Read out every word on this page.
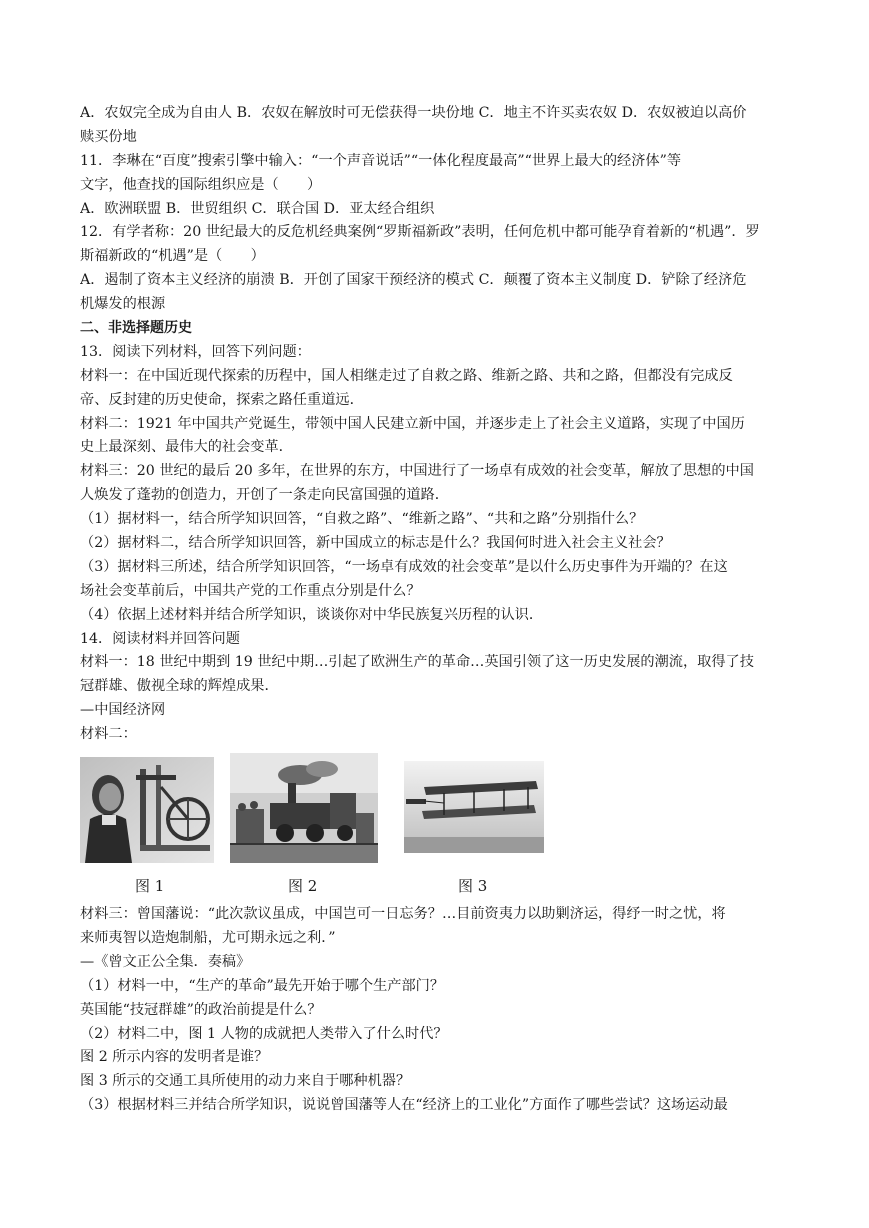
A．农奴完全成为自由人 B．农奴在解放时可无偿获得一块份地 C．地主不许买卖农奴 D．农奴被迫以高价
赎买份地
11．李琳在“百度”搜索引擎中输入：“一个声音说话”“一体化程度最高”“世界上最大的经济体”等
文字，他查找的国际组织应是（　　）
A．欧洲联盟 B．世贸组织 C．联合国 D．亚太经合组织
12．有学者称：20 世纪最大的反危机经典案例“罗斯福新政”表明，任何危机中都可能孕育着新的“机遇”．罗
斯福新政的“机遇”是（　　）
A．遏制了资本主义经济的崩溃 B．开创了国家干预经济的模式 C．颠覆了资本主义制度 D．铲除了经济危
机爆发的根源
二、非选择题历史
13．阅读下列材料，回答下列问题：
材料一：在中国近现代探索的历程中，国人相继走过了自救之路、维新之路、共和之路，但都没有完成反
帝、反封建的历史使命，探索之路任重道远．
材料二：1921 年中国共产党诞生，带领中国人民建立新中国，并逐步走上了社会主义道路，实现了中国历
史上最深刻、最伟大的社会变革．
材料三：20 世纪的最后 20 多年，在世界的东方，中国进行了一场卓有成效的社会变革，解放了思想的中国
人焕发了蓬勃的创造力，开创了一条走向民富国强的道路．
（1）据材料一，结合所学知识回答，“自救之路”、“维新之路”、“共和之路”分别指什么？
（2）据材料二，结合所学知识回答，新中国成立的标志是什么？我国何时进入社会主义社会？
（3）据材料三所述，结合所学知识回答，“一场卓有成效的社会变革”是以什么历史事件为开端的？在这
场社会变革前后，中国共产党的工作重点分别是什么？
（4）依据上述材料并结合所学知识，谈谈你对中华民族复兴历程的认识．
14．阅读材料并回答问题
材料一：18 世纪中期到 19 世纪中期…引起了欧洲生产的革命…英国引领了这一历史发展的潮流，取得了技
冠群雄、傲视全球的辉煌成果．
—中国经济网
材料二：
图 1	图 2	图 3
材料三：曾国藩说：“此次款议虽成，中国岂可一日忘务？…目前资夷力以助剿济运，得纾一时之忧，将
来师夷智以造炮制船，尤可期永远之利．”
—《曾文正公全集．奏稿》
（1）材料一中，“生产的革命”最先开始于哪个生产部门？
英国能“技冠群雄”的政治前提是什么？
（2）材料二中，图 1 人物的成就把人类带入了什么时代？
图 2 所示内容的发明者是谁？
图 3 所示的交通工具所使用的动力来自于哪种机器？
（3）根据材料三并结合所学知识，说说曾国藩等人在“经济上的工业化”方面作了哪些尝试？这场运动最
